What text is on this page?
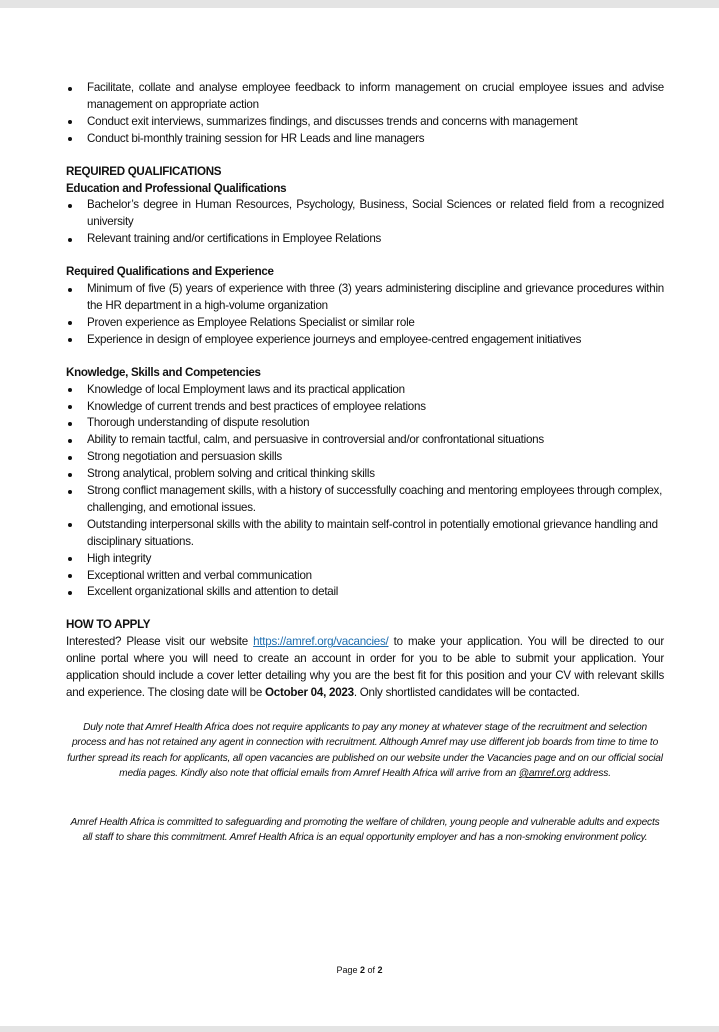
Facilitate, collate and analyse employee feedback to inform management on crucial employee issues and advise management on appropriate action
Conduct exit interviews, summarizes findings, and discusses trends and concerns with management
Conduct bi-monthly training session for HR Leads and line managers
REQUIRED QUALIFICATIONS
Education and Professional Qualifications
Bachelor’s degree in Human Resources, Psychology, Business, Social Sciences or related field from a recognized university
Relevant training and/or certifications in Employee Relations
Required Qualifications and Experience
Minimum of five (5) years of experience with three (3) years administering discipline and grievance procedures within the HR department in a high-volume organization
Proven experience as Employee Relations Specialist or similar role
Experience in design of employee experience journeys and employee-centred engagement initiatives
Knowledge, Skills and Competencies
Knowledge of local Employment laws and its practical application
Knowledge of current trends and best practices of employee relations
Thorough understanding of dispute resolution
Ability to remain tactful, calm, and persuasive in controversial and/or confrontational situations
Strong negotiation and persuasion skills
Strong analytical, problem solving and critical thinking skills
Strong conflict management skills, with a history of successfully coaching and mentoring employees through complex, challenging, and emotional issues.
Outstanding interpersonal skills with the ability to maintain self-control in potentially emotional grievance handling and disciplinary situations.
High integrity
Exceptional written and verbal communication
Excellent organizational skills and attention to detail
HOW TO APPLY

Interested? Please visit our website https://amref.org/vacancies/ to make your application. You will be directed to our online portal where you will need to create an account in order for you to be able to submit your application. Your application should include a cover letter detailing why you are the best fit for this position and your CV with relevant skills and experience. The closing date will be October 04, 2023. Only shortlisted candidates will be contacted.

Duly note that Amref Health Africa does not require applicants to pay any money at whatever stage of the recruitment and selection process and has not retained any agent in connection with recruitment. Although Amref may use different job boards from time to time to further spread its reach for applicants, all open vacancies are published on our website under the Vacancies page and on our official social media pages. Kindly also note that official emails from Amref Health Africa will arrive from an @amref.org address.
Amref Health Africa is committed to safeguarding and promoting the welfare of children, young people and vulnerable adults and expects all staff to share this commitment. Amref Health Africa is an equal opportunity employer and has a non-smoking environment policy.
Page 2 of 2
